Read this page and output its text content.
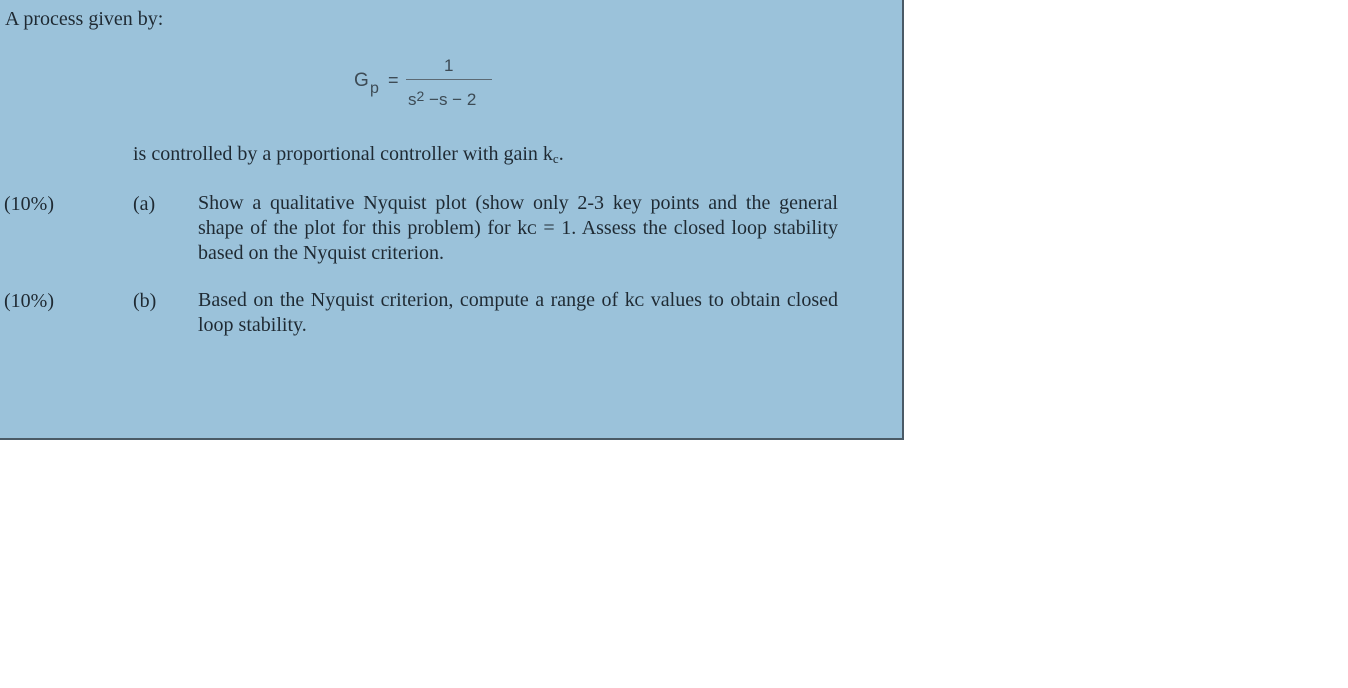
A process given by:
G p =
1
$s^2 -s - 2$
is controlled by a proportional controller with gain kc.
(10%)	(a) Show a qualitative Nyquist plot (show only 2-3 key points and the general shape of the plot for this problem) for kᴄ = 1. Assess the closed loop stability based on the Nyquist criterion.
(10%)	(b) Based on the Nyquist criterion, compute a range of kᴄ values to obtain closed loop stability.
